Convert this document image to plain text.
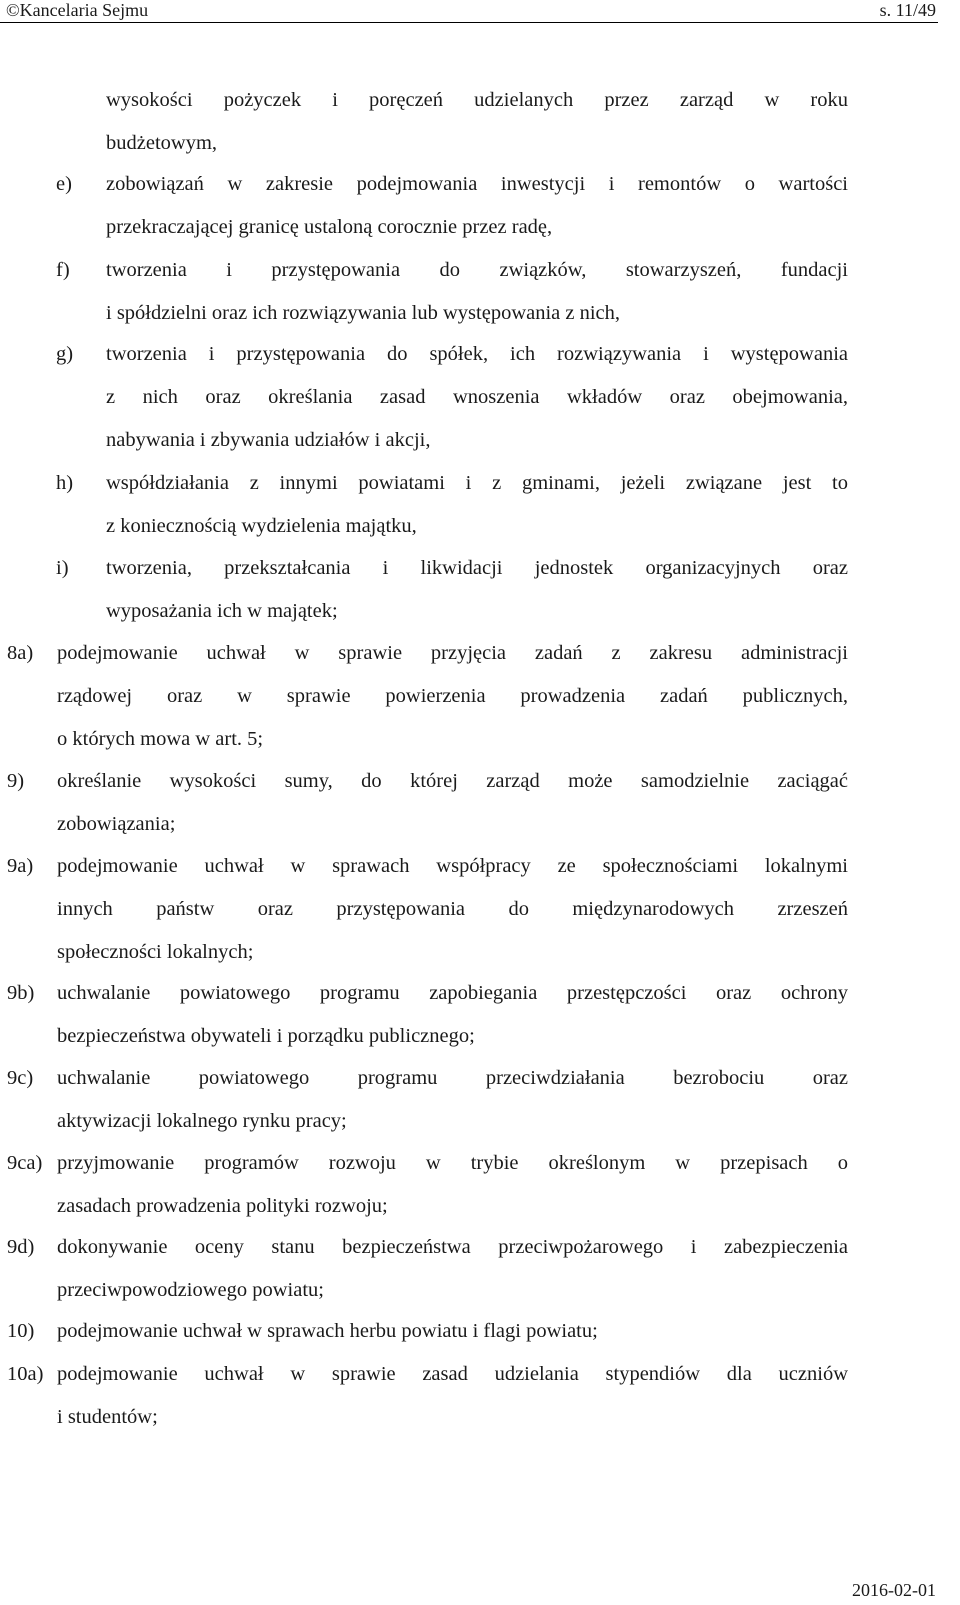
©Kancelaria Sejmu	s. 11/49
wysokości pożyczek i poręczeń udzielanych przez zarząd w roku
budżetowym,
e) zobowiązań w zakresie podejmowania inwestycji i remontów o wartości
przekraczającej granicę ustaloną corocznie przez radę,
f) tworzenia i przystępowania do związków, stowarzyszeń, fundacji
i spółdzielni oraz ich rozwiązywania lub występowania z nich,
g) tworzenia i przystępowania do spółek, ich rozwiązywania i występowania
z nich oraz określania zasad wnoszenia wkładów oraz obejmowania,
nabywania i zbywania udziałów i akcji,
h) współdziałania z innymi powiatami i z gminami, jeżeli związane jest to
z koniecznością wydzielenia majątku,
i) tworzenia, przekształcania i likwidacji jednostek organizacyjnych oraz
wyposażania ich w majątek;
8a) podejmowanie uchwał w sprawie przyjęcia zadań z zakresu administracji
rządowej oraz w sprawie powierzenia prowadzenia zadań publicznych,
o których mowa w art. 5;
9) określanie wysokości sumy, do której zarząd może samodzielnie zaciągać
zobowiązania;
9a) podejmowanie uchwał w sprawach współpracy ze społecznościami lokalnymi
innych państw oraz przystępowania do międzynarodowych zrzeszeń
społeczności lokalnych;
9b) uchwalanie powiatowego programu zapobiegania przestępczości oraz ochrony
bezpieczeństwa obywateli i porządku publicznego;
9c) uchwalanie powiatowego programu przeciwdziałania bezrobociu oraz
aktywizacji lokalnego rynku pracy;
9ca) przyjmowanie programów rozwoju w trybie określonym w przepisach o
zasadach prowadzenia polityki rozwoju;
9d) dokonywanie oceny stanu bezpieczeństwa przeciwpożarowego i zabezpieczenia
przeciwpowodziowego powiatu;
10) podejmowanie uchwał w sprawach herbu powiatu i flagi powiatu;
10a) podejmowanie uchwał w sprawie zasad udzielania stypendiów dla uczniów
i studentów;
2016-02-01
